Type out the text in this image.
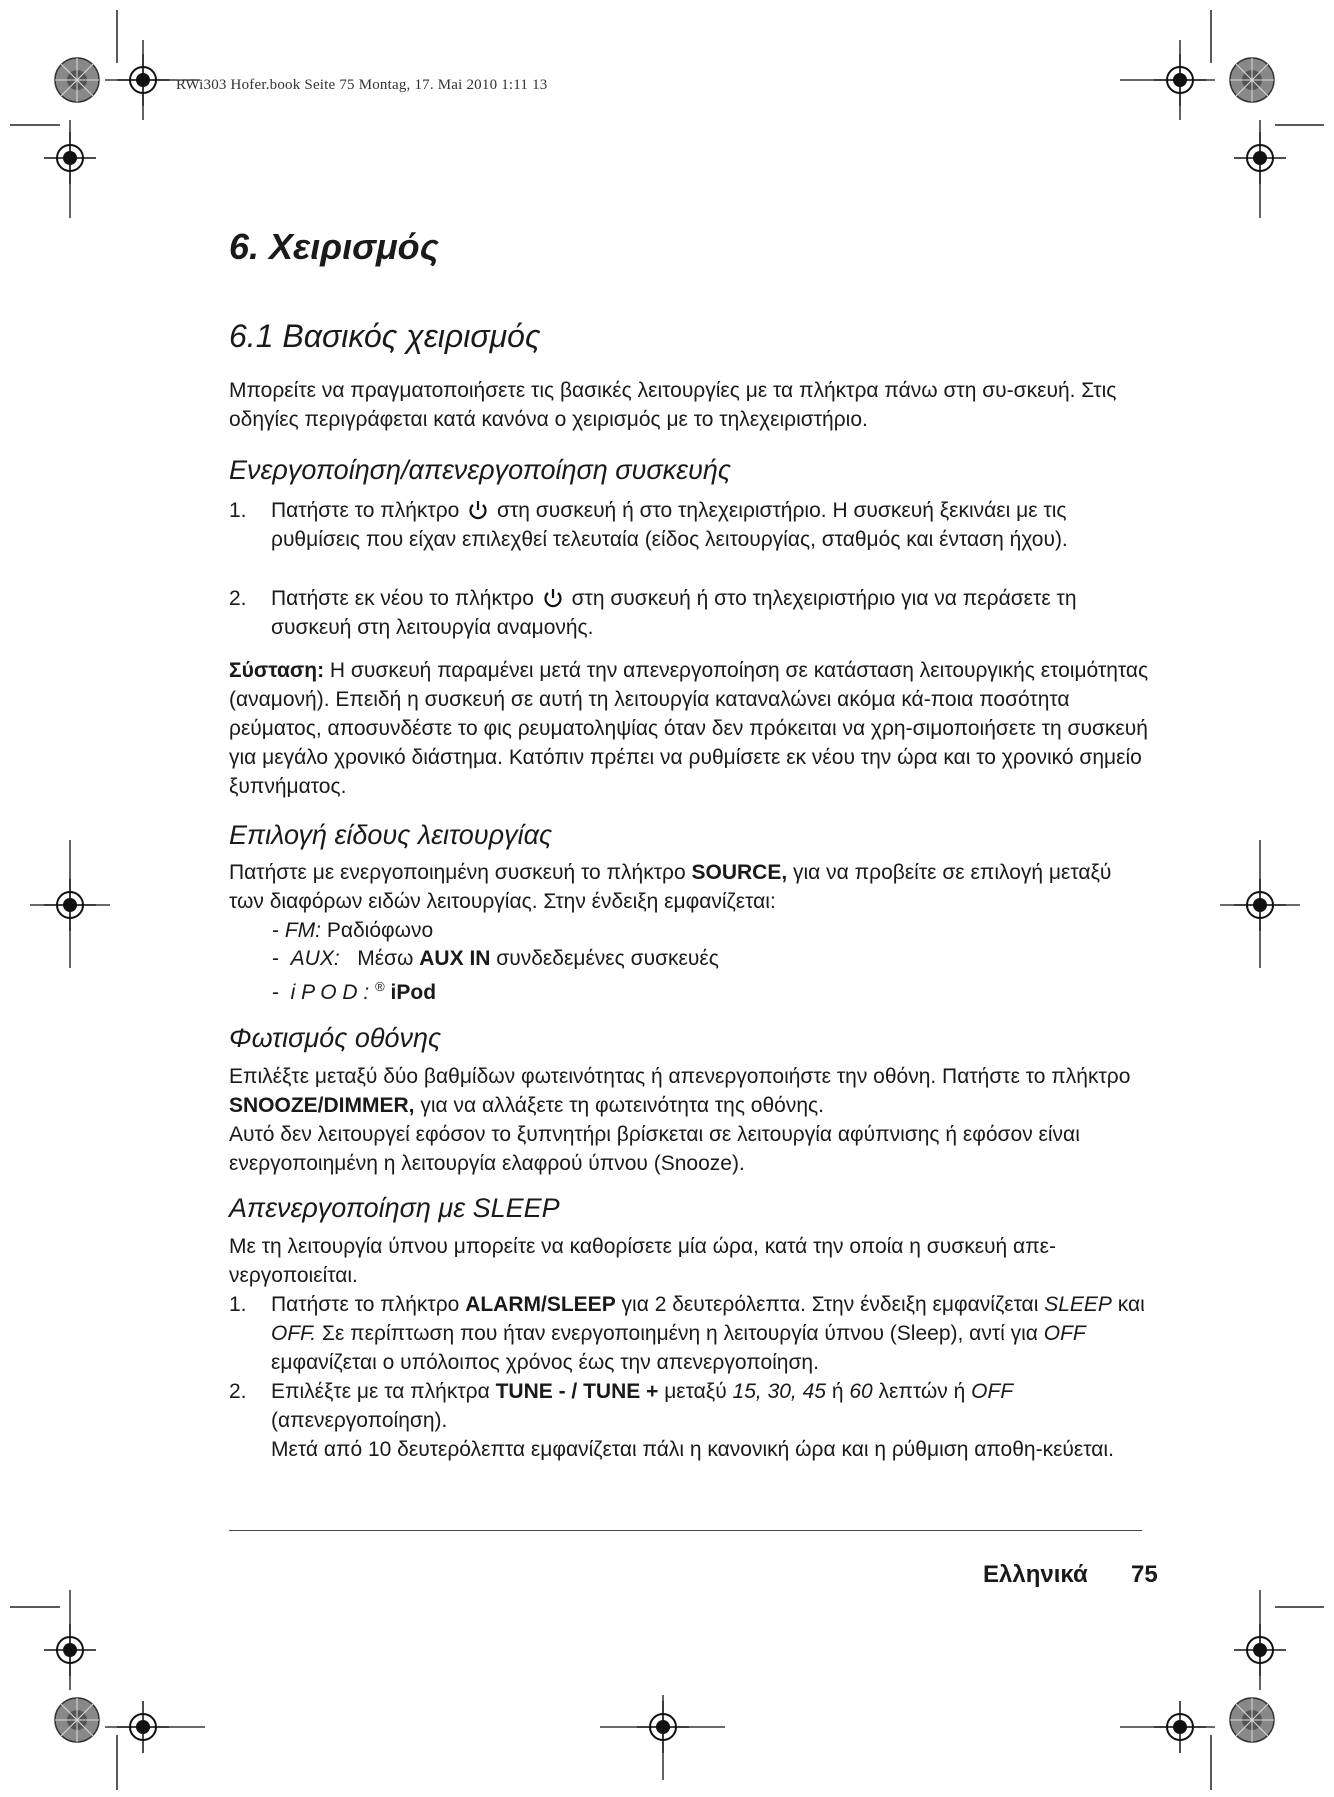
RWi303 Hofer.book Seite 75 Montag, 17. Mai 2010 1:11 13
6. Χειρισμός
6.1 Βασικός χειρισμός

Μπορείτε να πραγματοποιήσετε τις βασικές λειτουργίες με τα πλήκτρα πάνω στη συ-σκευή. Στις οδηγίες περιγράφεται κατά κανόνα ο χειρισμός με το τηλεχειριστήριο.

Ενεργοποίηση/απενεργοποίηση συσκευής
1. Πατήστε το πλήκτρο στη συσκευή ή στο τηλεχειριστήριο. Η συσκευή ξεκινάει με τις ρυθμίσεις που είχαν επιλεχθεί τελευταία (είδος λειτουργίας, σταθμός και ένταση ήχου).
2. Πατήστε εκ νέου το πλήκτρο στη συσκευή ή στο τηλεχειριστήριο για να περάσετε τη συσκευή στη λειτουργία αναμονής.

Σύσταση: Η συσκευή παραμένει μετά την απενεργοποίηση σε κατάσταση λειτουργικής ετοιμότητας (αναμονή). Επειδή η συσκευή σε αυτή τη λειτουργία καταναλώνει ακόμα κά-ποια ποσότητα ρεύματος, αποσυνδέστε το φις ρευματοληψίας όταν δεν πρόκειται να χρη-σιμοποιήσετε τη συσκευή για μεγάλο χρονικό διάστημα. Κατόπιν πρέπει να ρυθμίσετε εκ νέου την ώρα και το χρονικό σημείο ξυπνήματος.

Επιλογή είδους λειτουργίας

Πατήστε με ενεργοποιημένη συσκευή το πλήκτρο SOURCE, για να προβείτε σε επιλογή μεταξύ των διαφόρων ειδών λειτουργίας. Στην ένδειξη εμφανίζεται:

- FM: Ραδιόφωνο
- AUX: Μέσω AUX IN συνδεδεμένες συσκευές
- i P O D : ® iPod
Φωτισμός οθόνης

Επιλέξτε μεταξύ δύο βαθμίδων φωτεινότητας ή απενεργοποιήστε την οθόνη. Πατήστε το πλήκτρο SNOOZE/DIMMER, για να αλλάξετε τη φωτεινότητα της οθόνης.

Αυτό δεν λειτουργεί εφόσον το ξυπνητήρι βρίσκεται σε λειτουργία αφύπνισης ή εφόσον είναι ενεργοποιημένη η λειτουργία ελαφρού ύπνου (Snooze).

Απενεργοποίηση με SLEEP

Με τη λειτουργία ύπνου μπορείτε να καθορίσετε μία ώρα, κατά την οποία η συσκευή απε-νεργοποιείται.

1. Πατήστε το πλήκτρο ALARM/SLEEP για 2 δευτερόλεπτα. Στην ένδειξη εμφανίζεται SLEEP και OFF. Σε περίπτωση που ήταν ενεργοποιημένη η λειτουργία ύπνου (Sleep), αντί για OFF εμφανίζεται ο υπόλοιπος χρόνος έως την απενεργοποίηση.
2. Επιλέξτε με τα πλήκτρα TUNE - / TUNE + μεταξύ 15, 30, 45 ή 60 λεπτών ή OFF
(απενεργοποίηση).
Μετά από 10 δευτερόλεπτα εμφανίζεται πάλι η κανονική ώρα και η ρύθμιση αποθη-κεύεται.
Ελληνικά 75
